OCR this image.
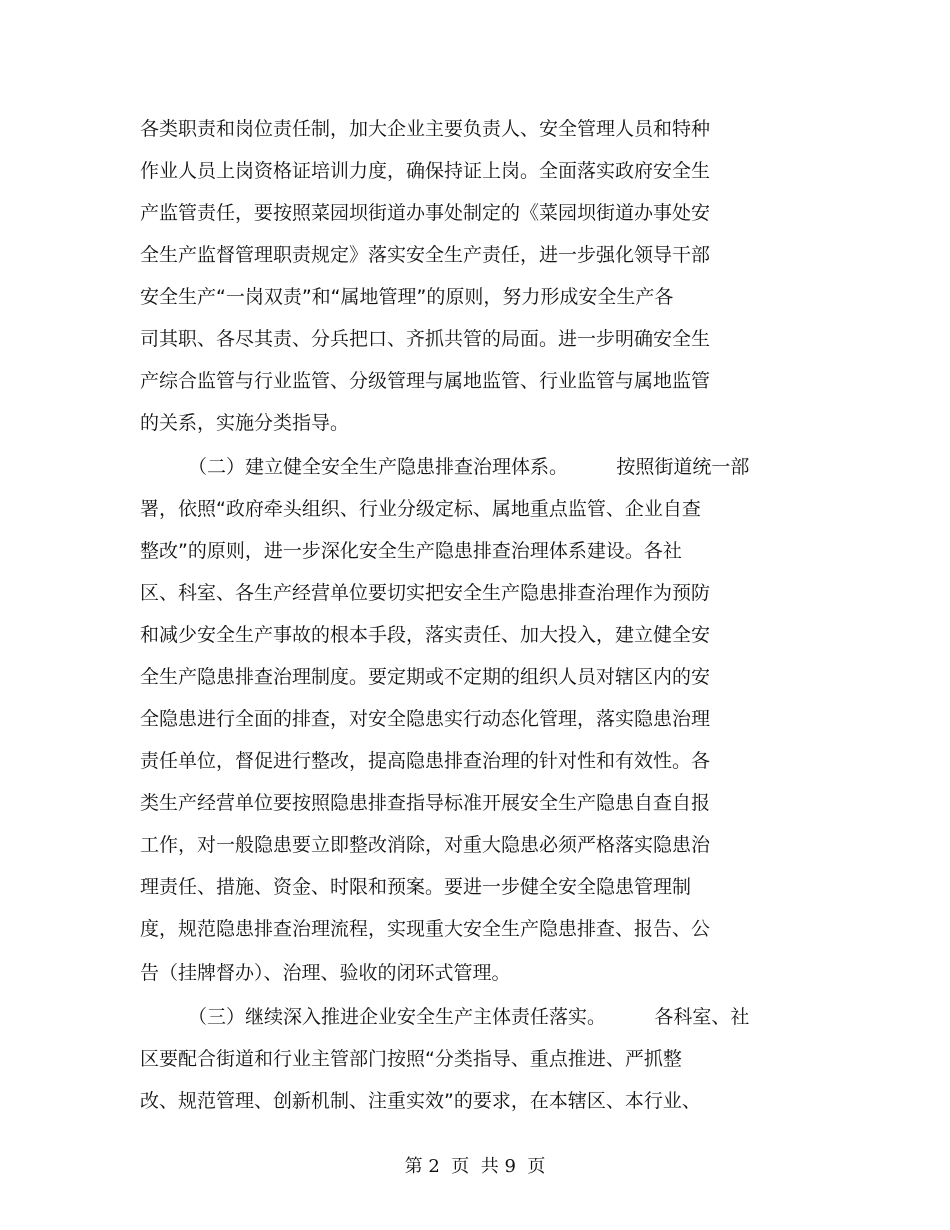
各类职责和岗位责任制，加大企业主要负责人、安全管理人员和特种
作业人员上岗资格证培训力度，确保持证上岗。全面落实政府安全生
产监管责任，要按照菜园坝街道办事处制定的《菜园坝街道办事处安
全生产监督管理职责规定》落实安全生产责任，进一步强化领导干部
安全生产“一岗双责”和“属地管理”的原则，努力形成安全生产各
司其职、各尽其责、分兵把口、齐抓共管的局面。进一步明确安全生
产综合监管与行业监管、分级管理与属地监管、行业监管与属地监管
的关系，实施分类指导。
（二）建立健全安全生产隐患排查治理体系。        按照街道统一部
署，依照“政府牵头组织、行业分级定标、属地重点监管、企业自查
整改”的原则，进一步深化安全生产隐患排查治理体系建设。各社
区、科室、各生产经营单位要切实把安全生产隐患排查治理作为预防
和减少安全生产事故的根本手段，落实责任、加大投入，建立健全安
全生产隐患排查治理制度。要定期或不定期的组织人员对辖区内的安
全隐患进行全面的排查，对安全隐患实行动态化管理，落实隐患治理
责任单位，督促进行整改，提高隐患排查治理的针对性和有效性。各
类生产经营单位要按照隐患排查指导标准开展安全生产隐患自查自报
工作，对一般隐患要立即整改消除，对重大隐患必须严格落实隐患治
理责任、措施、资金、时限和预案。要进一步健全安全隐患管理制
度，规范隐患排查治理流程，实现重大安全生产隐患排查、报告、公
告（挂牌督办）、治理、验收的闭环式管理。
（三）继续深入推进企业安全生产主体责任落实。        各科室、社
区要配合街道和行业主管部门按照“分类指导、重点推进、严抓整
改、规范管理、创新机制、注重实效”的要求，在本辖区、本行业、
第 2  页  共 9  页
